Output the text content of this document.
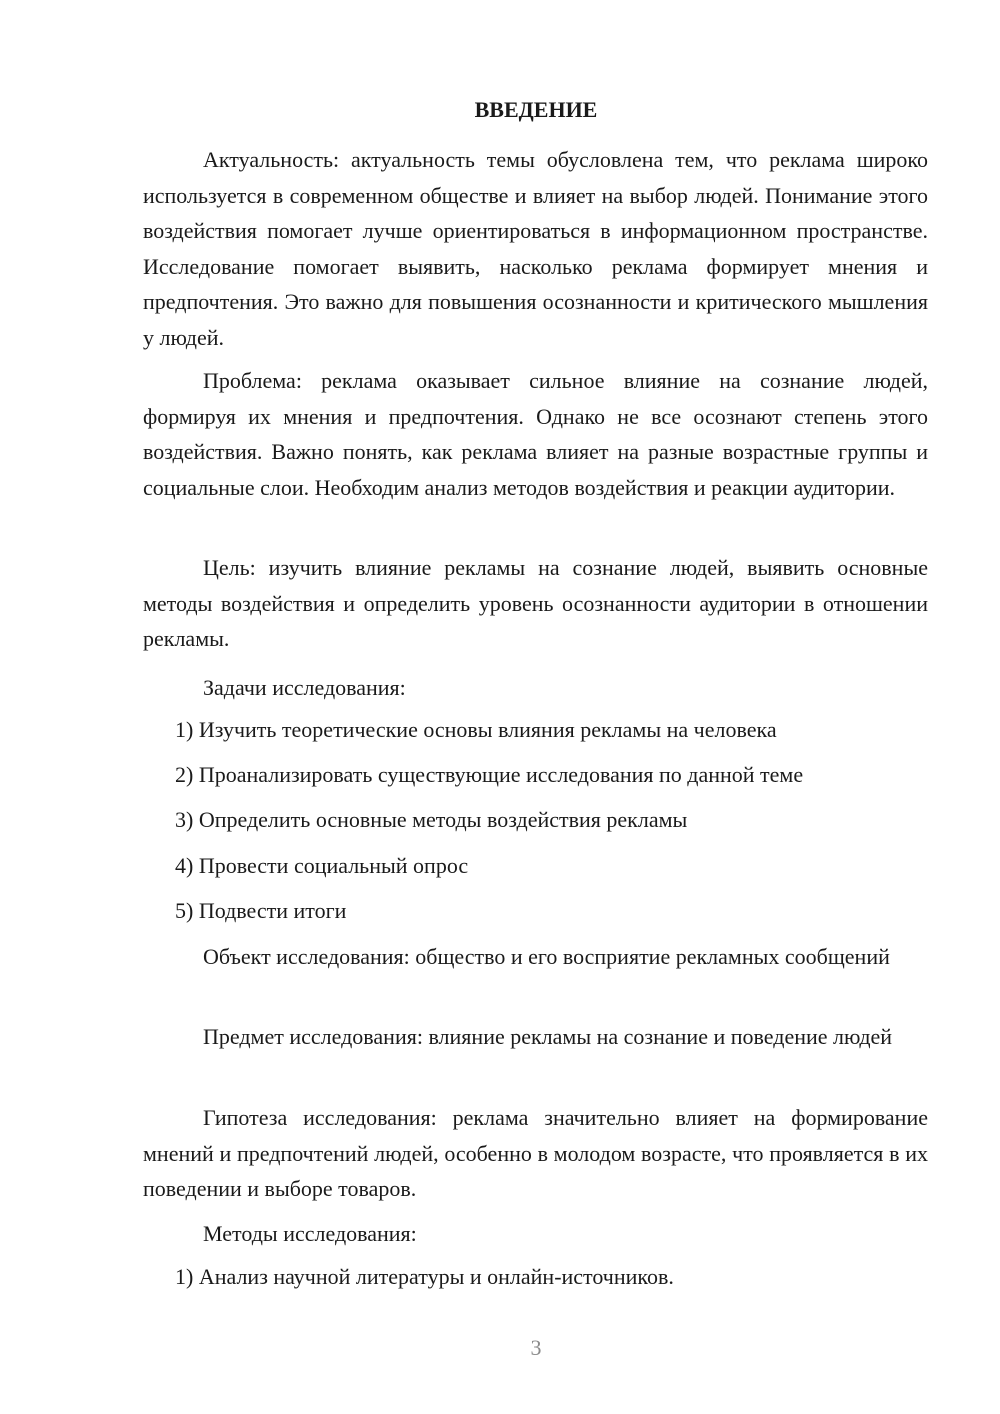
ВВЕДЕНИЕ

Актуальность: актуальность темы обусловлена тем, что реклама широко используется в современном обществе и влияет на выбор людей. Понимание этого воздействия помогает лучше ориентироваться в информационном пространстве. Исследование помогает выявить, насколько реклама формирует мнения и предпочтения. Это важно для повышения осознанности и критического мышления у людей.

Проблема: реклама оказывает сильное влияние на сознание людей, формируя их мнения и предпочтения. Однако не все осознают степень этого воздействия. Важно понять, как реклама влияет на разные возрастные группы и социальные слои. Необходим анализ методов воздействия и реакции аудитории.

Цель: изучить влияние рекламы на сознание людей, выявить основные методы воздействия и определить уровень осознанности аудитории в отношении рекламы.

Задачи исследования:

1) Изучить теоретические основы влияния рекламы на человека

2) Проанализировать существующие исследования по данной теме

3) Определить основные методы воздействия рекламы

4) Провести социальный опрос

5) Подвести итоги

Объект исследования: общество и его восприятие рекламных сообщений

Предмет исследования: влияние рекламы на сознание и поведение людей

Гипотеза исследования: реклама значительно влияет на формирование мнений и предпочтений людей, особенно в молодом возрасте, что проявляется в их поведении и выборе товаров.

Методы исследования:

1) Анализ научной литературы и онлайн-источников.

3
